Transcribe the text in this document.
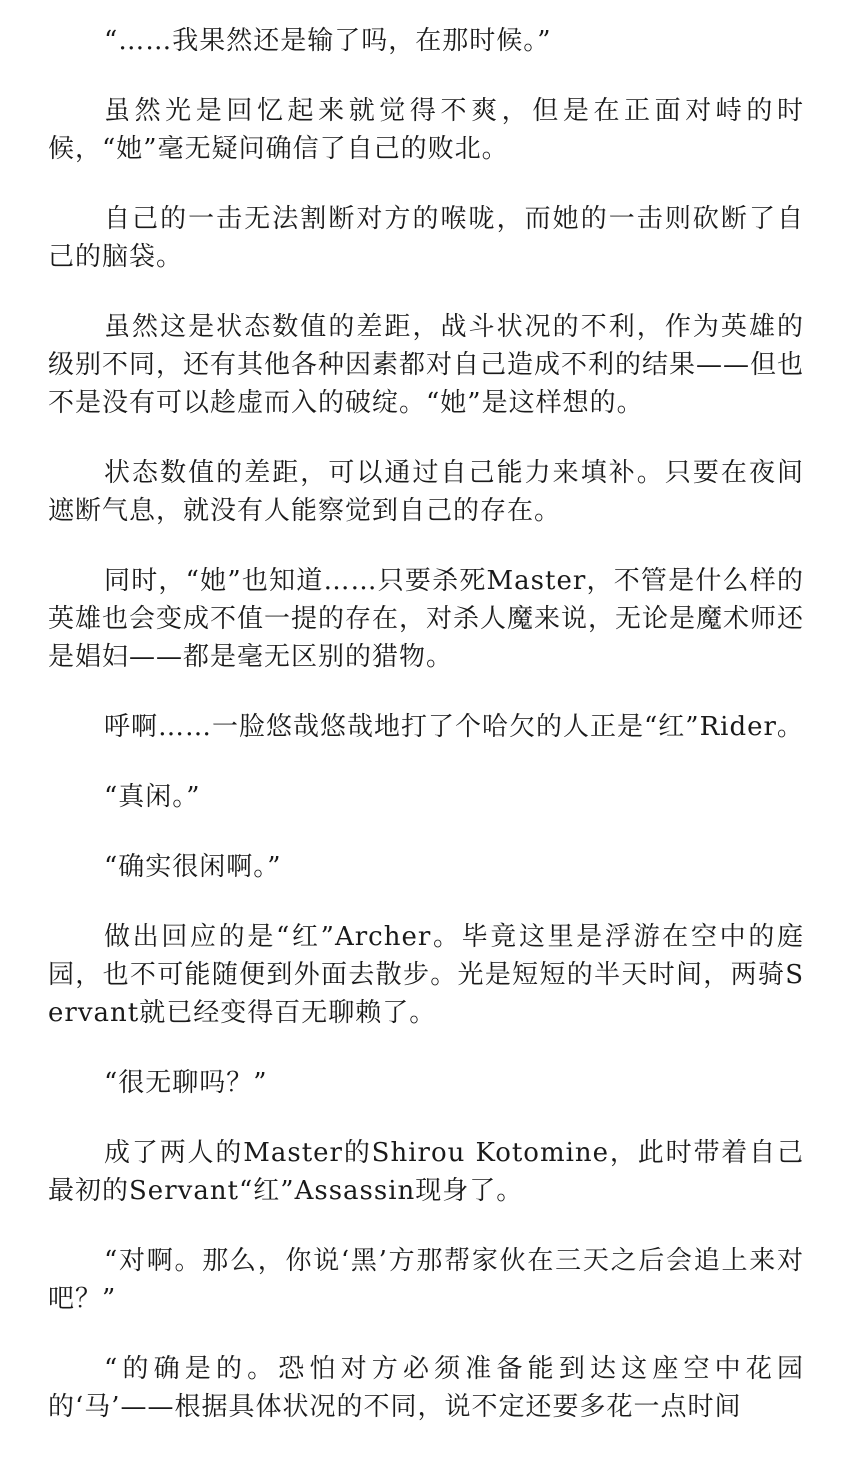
“……我果然还是输了吗，在那时候。”

虽然光是回忆起来就觉得不爽，但是在正面对峙的时候，“她”毫无疑问确信了自己的败北。

自己的一击无法割断对方的喉咙，而她的一击则砍断了自己的脑袋。

虽然这是状态数值的差距，战斗状况的不利，作为英雄的级别不同，还有其他各种因素都对自己造成不利的结果——但也不是没有可以趁虚而入的破绽。“她”是这样想的。

状态数值的差距，可以通过自己能力来填补。只要在夜间遮断气息，就没有人能察觉到自己的存在。

同时，“她”也知道……只要杀死Master，不管是什么样的英雄也会变成不值一提的存在，对杀人魔来说，无论是魔术师还是娼妇——都是毫无区别的猎物。

呼啊……一脸悠哉悠哉地打了个哈欠的人正是“红”Rider。

“真闲。”

“确实很闲啊。”

做出回应的是“红”Archer。毕竟这里是浮游在空中的庭园，也不可能随便到外面去散步。光是短短的半天时间，两骑Servant就已经变得百无聊赖了。

“很无聊吗？”

成了两人的Master的Shirou Kotomine，此时带着自己最初的Servant“红”Assassin现身了。

“对啊。那么，你说‘黑’方那帮家伙在三天之后会追上来对吧？”

“的确是的。恐怕对方必须准备能到达这座空中花园的‘马’——根据具体状况的不同，说不定还要多花一点时间
